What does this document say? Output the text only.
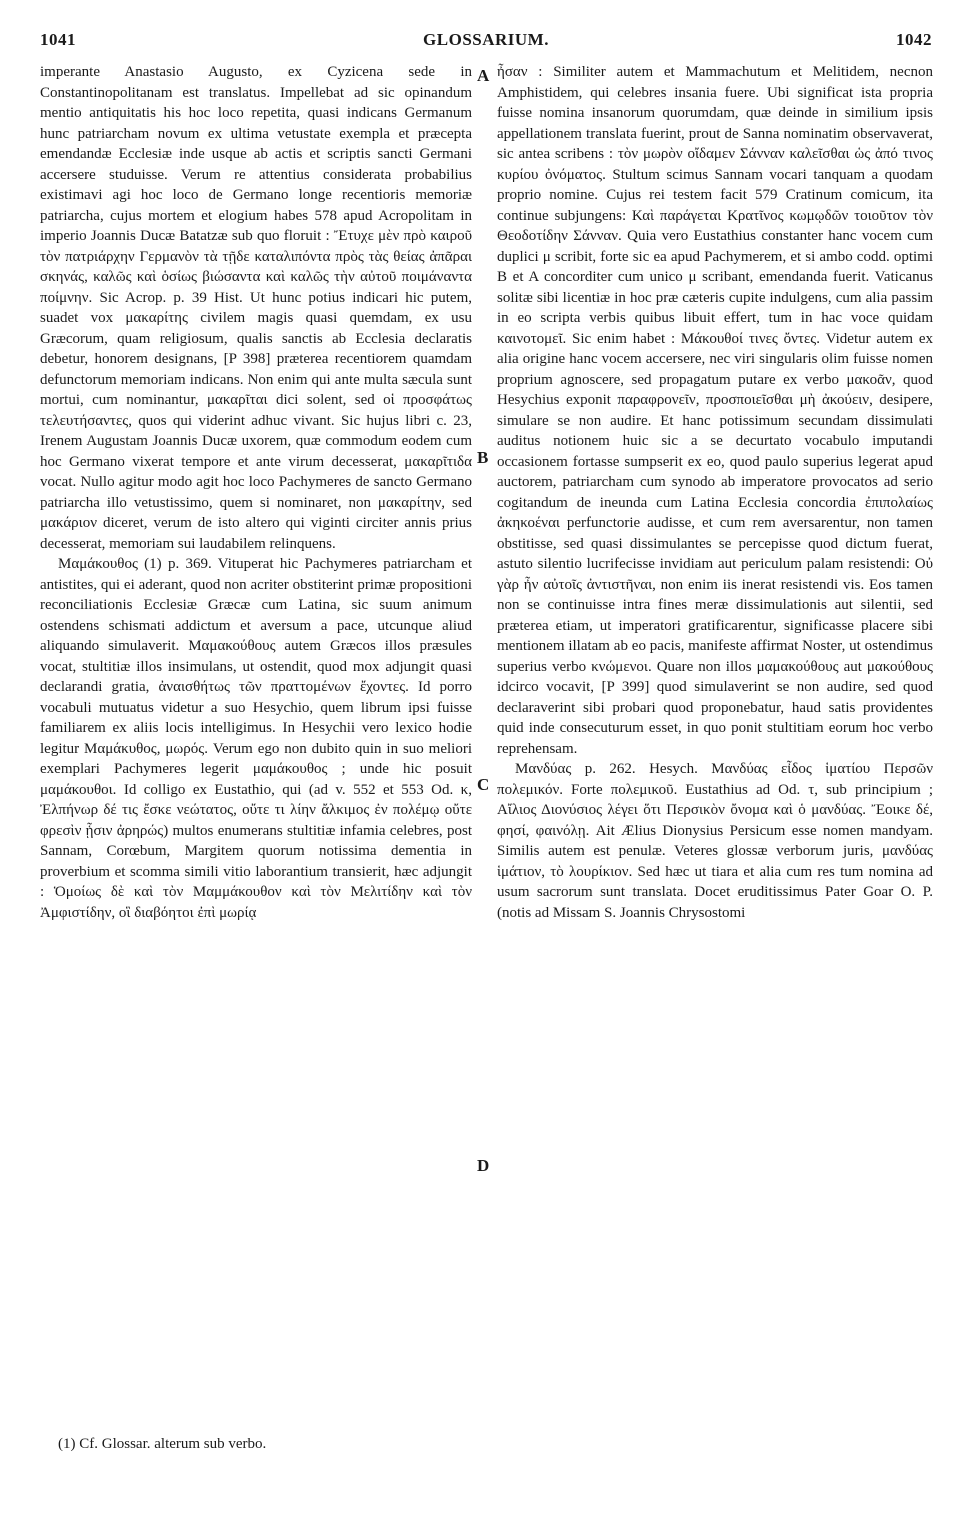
1041	GLOSSARIUM.	1042

imperante Anastasio Augusto, ex Cyzicena sede in Constantinopolitanam est translatus. Impellebat ad sic opinandum mentio antiquitatis his hoc loco repetita, quasi indicans Germanum hunc patriarcham novum ex ultima vetustate exempla et præcepta emendandæ Ecclesiæ inde usque ab actis et scriptis sancti Germani accersere studuisse. Verum re attentius considerata probabilius existimavi agi hoc loco de Germano longe recentioris memoriæ patriarcha, cujus mortem et elogium habes 578 apud Acropolitam in imperio Joannis Ducæ Batatzæ sub quo floruit : Ἔτυχε μὲν πρὸ καιροῦ τὸν πατριάρχην Γερμανὸν τὰ τῇδε καταλιπόντα πρὸς τὰς θείας ἀπᾶραι σκηνάς, καλῶς καὶ ὁσίως βιώσαντα καὶ καλῶς τὴν αὐτοῦ ποιμάναντα ποίμνην. Sic Acrop. p. 39 Hist. Ut hunc potius indicari hic putem, suadet vox μακαρίτης civilem magis quasi quemdam, ex usu Græcorum, quam religiosum, qualis sanctis ab Ecclesia declaratis debetur, honorem designans, [P 398] præterea recentiorem quamdam defunctorum memoriam indicans. Non enim qui ante multa sæcula sunt mortui, cum nominantur, μακαρῖται dici solent, sed οἱ προσφάτως τελευτήσαντες, quos qui viderint adhuc vivant. Sic hujus libri c. 23, Irenem Augustam Joannis Ducæ uxorem, quæ commodum eodem cum hoc Germano vixerat tempore et ante virum decesserat, μακαρῖτιδα vocat. Nullo agitur modo agit hoc loco Pachymeres de sancto Germano patriarcha illo vetustissimo, quem si nominaret, non μακαρίτην, sed μακάριον diceret, verum de isto altero qui viginti circiter annis prius decesserat, memoriam sui laudabilem relinquens.

Μαμάκουθος (1) p. 369. Vituperat hic Pachymeres patriarcham et antistites, qui ei aderant, quod non acriter obstiterint primæ propositioni reconciliationis Ecclesiæ Græcæ cum Latina, sic suum animum ostendens schismati addictum et aversum a pace, utcunque aliud aliquando simulaverit. Μαμακούθους autem Græcos illos præsules vocat, stultitiæ illos insimulans, ut ostendit, quod mox adjungit quasi declarandi gratia, ἀναισθήτως τῶν πραττομένων ἔχοντες. Id porro vocabuli mutuatus videtur a suo Hesychio, quem librum ipsi fuisse familiarem ex aliis locis intelligimus. In Hesychii vero lexico hodie legitur Μαμάκυθος, μωρός. Verum ego non dubito quin in suo meliori exemplari Pachymeres legerit μαμάκουθος ; unde hic posuit μαμάκουθοι. Id colligo ex Eustathio, qui (ad v. 552 et 553 Od. κ, Ἐλπήνωρ δέ τις ἔσκε νεώτατος, οὔτε τι λίην ἄλκιμος ἐν πολέμῳ οὔτε φρεσὶν ᾗσιν ἀρηρώς) multos enumerans stultitiæ infamia celebres, post Sannam, Corœbum, Margitem quorum notissima dementia in proverbium et scomma simili vitio laborantium transierit, hæc adjungit : Ὁμοίως δὲ καὶ τὸν Μαμμάκουθον καὶ τὸν Μελιτίδην καὶ τὸν Ἀμφιστίδην, οἳ διαβόητοι ἐπὶ μωρίᾳ

A
B
C
D

ἦσαν : Similiter autem et Mammachutum et Melitidem, necnon Amphistidem, qui celebres insania fuere. Ubi significat ista propria fuisse nomina insanorum quorumdam, quæ deinde in similium ipsis appellationem translata fuerint, prout de Sanna nominatim observaverat, sic antea scribens : τὸν μωρὸν οἴδαμεν Σάνναν καλεῖσθαι ὡς ἀπό τινος κυρίου ὀνόματος. Stultum scimus Sannam vocari tanquam a quodam proprio nomine. Cujus rei testem facit 579 Cratinum comicum, ita continue subjungens: Καὶ παράγεται Κρατῖνος κωμῳδῶν τοιοῦτον τὸν Θεοδοτίδην Σάνναν. Quia vero Eustathius constanter hanc vocem cum duplici μ scribit, forte sic ea apud Pachymerem, et si ambo codd. optimi B et A concorditer cum unico μ scribant, emendanda fuerit. Vaticanus solitæ sibi licentiæ in hoc præ cæteris cupite indulgens, cum alia passim in eo scripta verbis quibus libuit effert, tum in hac voce quidam καινοτομεῖ. Sic enim habet : Μάκουθοί τινες ὄντες. Videtur autem ex alia origine hanc vocem accersere, nec viri singularis olim fuisse nomen proprium agnoscere, sed propagatum putare ex verbo μακοᾶν, quod Hesychius exponit παραφρονεῖν, προσποιεῖσθαι μὴ ἀκούειν, desipere, simulare se non audire. Et hanc potissimum secundam dissimulati auditus notionem huic sic a se decurtato vocabulo imputandi occasionem fortasse sumpserit ex eo, quod paulo superius legerat apud auctorem, patriarcham cum synodo ab imperatore provocatos ad serio cogitandum de ineunda cum Latina Ecclesia concordia ἐπιπολαίως ἀκηκοέναι perfunctorie audisse, et cum rem aversarentur, non tamen obstitisse, sed quasi dissimulantes se percepisse quod dictum fuerat, astuto silentio lucrifecisse invidiam aut periculum palam resistendi: Οὐ γὰρ ἦν αὐτοῖς ἀντιστῆναι, non enim iis inerat resistendi vis. Eos tamen non se continuisse intra fines meræ dissimulationis aut silentii, sed præterea etiam, ut imperatori gratificarentur, significasse placere sibi mentionem illatam ab eo pacis, manifeste affirmat Noster, ut ostendimus superius verbo κνώμενοι. Quare non illos μαμακούθους aut μακούθους idcirco vocavit, [P 399] quod simulaverint se non audire, sed quod declaraverint sibi probari quod proponebatur, haud satis providentes quid inde consecuturum esset, in quo ponit stultitiam eorum hoc verbo reprehensam.

Μανδύας p. 262. Hesych. Μανδύας εἶδος ἱματίου Περσῶν πολεμικόν. Forte πολεμικοῦ. Eustathius ad Od. τ, sub principium ; Αἴλιος Διονύσιος λέγει ὅτι Περσικὸν ὄνομα καὶ ὁ μανδύας. Ἔοικε δέ, φησί, φαινόλῃ. Ait Ælius Dionysius Persicum esse nomen mandyam. Similis autem est penulæ. Veteres glossæ verborum juris, μανδύας ἱμάτιον, τὸ λουρίκιον. Sed hæc ut tiara et alia cum res tum nomina ad usum sacrorum sunt translata. Docet eruditissimus Pater Goar O. P. (notis ad Missam S. Joannis Chrysostomi

(1) Cf. Glossar. alterum sub verbo.
